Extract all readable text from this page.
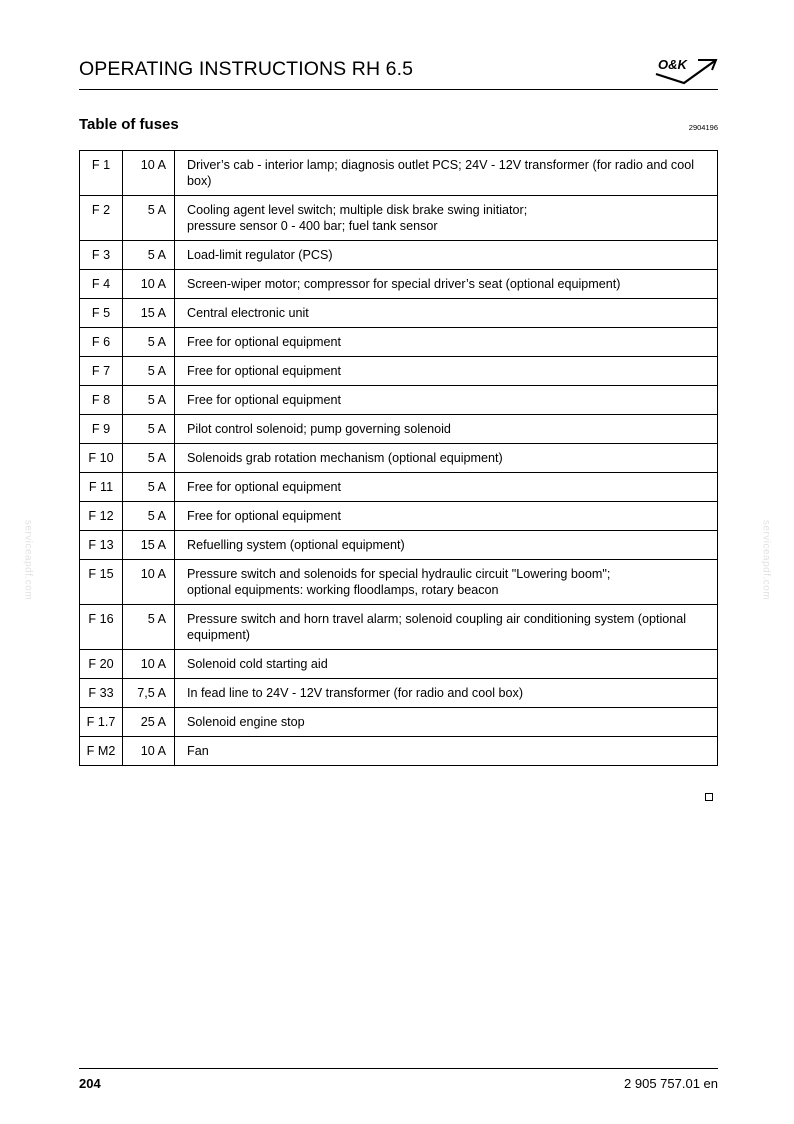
OPERATING INSTRUCTIONS RH 6.5	O&K
Table of fuses	2904196
F 1	10 A	Driver’s cab - interior lamp; diagnosis outlet PCS; 24V - 12V transformer (for radio and cool box)
F 2	5 A	Cooling agent level switch; multiple disk brake swing initiator;
pressure sensor 0 - 400 bar; fuel tank sensor
F 3	5 A	Load-limit regulator (PCS)
F 4	10 A	Screen-wiper motor; compressor for special driver’s seat (optional equipment)
F 5	15 A	Central electronic unit
F 6	5 A	Free for optional equipment
F 7	5 A	Free for optional equipment
F 8	5 A	Free for optional equipment
F 9	5 A	Pilot control solenoid; pump governing solenoid
F 10	5 A	Solenoids grab rotation mechanism (optional equipment)
F 11	5 A	Free for optional equipment
F 12	5 A	Free for optional equipment
F 13	15 A	Refuelling system (optional equipment)
F 15	10 A	Pressure switch and solenoids for special hydraulic circuit "Lowering boom";
optional equipments: working floodlamps, rotary beacon
F 16	5 A	Pressure switch and horn travel alarm; solenoid coupling air conditioning system (optional equipment)
F 20	10 A	Solenoid cold starting aid
F 33	7,5 A	In fead line to 24V - 12V transformer (for radio and cool box)
F 1.7	25 A	Solenoid engine stop
F M2	10 A	Fan
serviceapdf.com	serviceapdf.com
204	2 905 757.01 en
